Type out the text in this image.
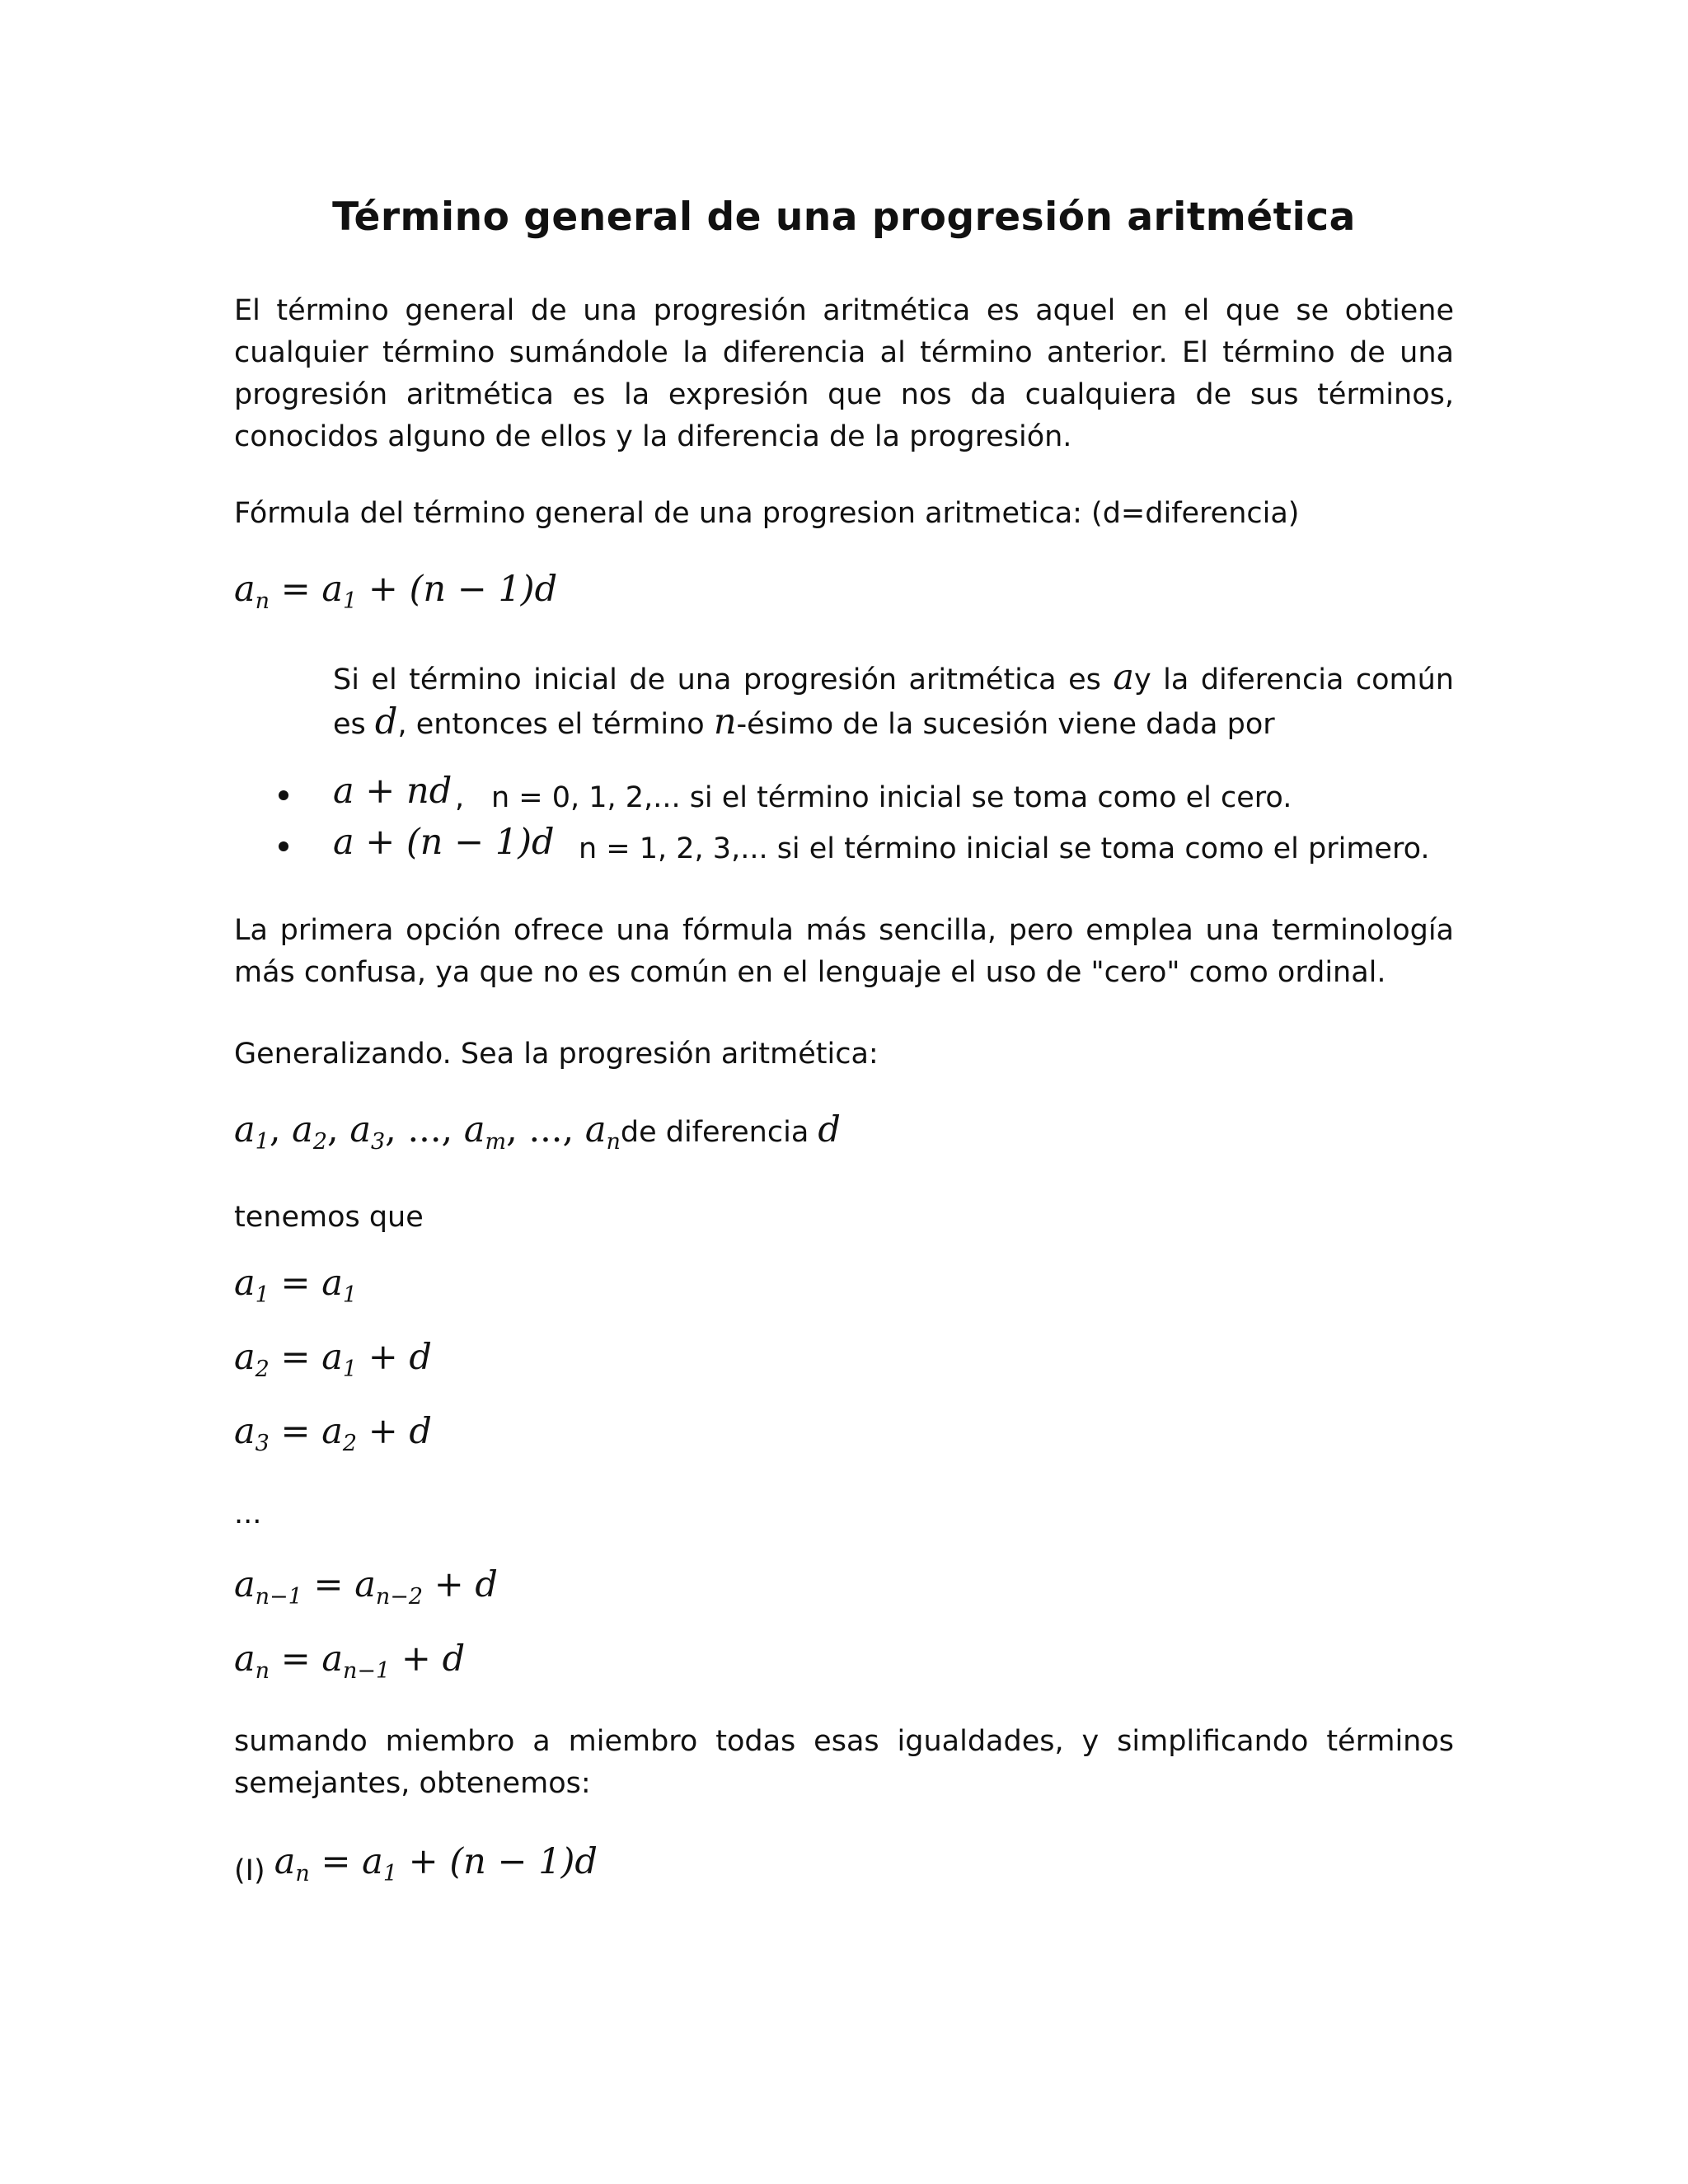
Término general de una progresión aritmética

El término general de una progresión aritmética es aquel en el que se obtiene cualquier término sumándole la diferencia al término anterior. El término de una progresión aritmética es la expresión que nos da cualquiera de sus términos, conocidos alguno de ellos y la diferencia de la progresión.

Fórmula del término general de una progresion aritmetica: (d=diferencia)

$a_n = a_1 + (n - 1)d$

Si el término inicial de una progresión aritmética es ay la diferencia común es d, entonces el término n-ésimo de la sucesión viene dada por

a + nd , n = 0, 1, 2,... si el término inicial se toma como el cero.
a + (n − 1)d n = 1, 2, 3,... si el término inicial se toma como el primero.

La primera opción ofrece una fórmula más sencilla, pero emplea una terminología más confusa, ya que no es común en el lenguaje el uso de "cero" como ordinal.

Generalizando. Sea la progresión aritmética:

$a_1$, $a_2$, $a_3$, ..., $a_m$, ..., $a_nde$ diferencia d

tenemos que

$a_1 = a_1$
$a_2 = a_1 + d$
$a_3 = a_2 + d$

...

$a_{n-1} = a_{n-2} + d$
$a_n = a_{n-1} + d$

sumando miembro a miembro todas esas igualdades, y simplificando términos semejantes, obtenemos:

(I) $a_n = a_1 + (n - 1)d$
